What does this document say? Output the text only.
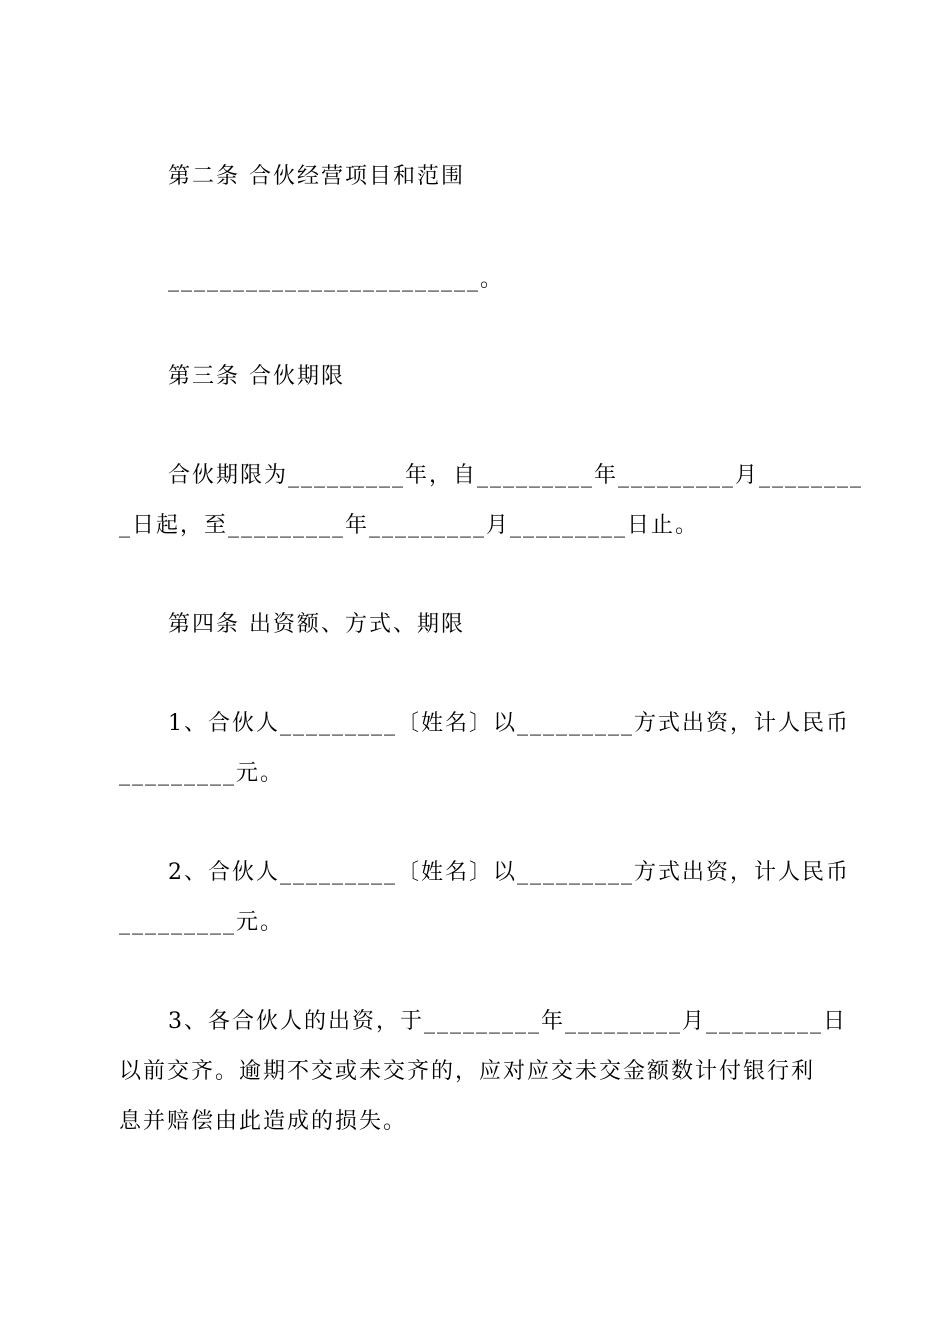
第二条 合伙经营项目和范围
________________________。
第三条 合伙期限
合伙期限为_________年，自_________年_________月________
_日起，至_________年_________月_________日止。
第四条 出资额、方式、期限
1、合伙人_________〔姓名〕以_________方式出资，计人民币
_________元。
2、合伙人_________〔姓名〕以_________方式出资，计人民币
_________元。
3、各合伙人的出资，于_________年_________月_________日
以前交齐。逾期不交或未交齐的，应对应交未交金额数计付银行利
息并赔偿由此造成的损失。
